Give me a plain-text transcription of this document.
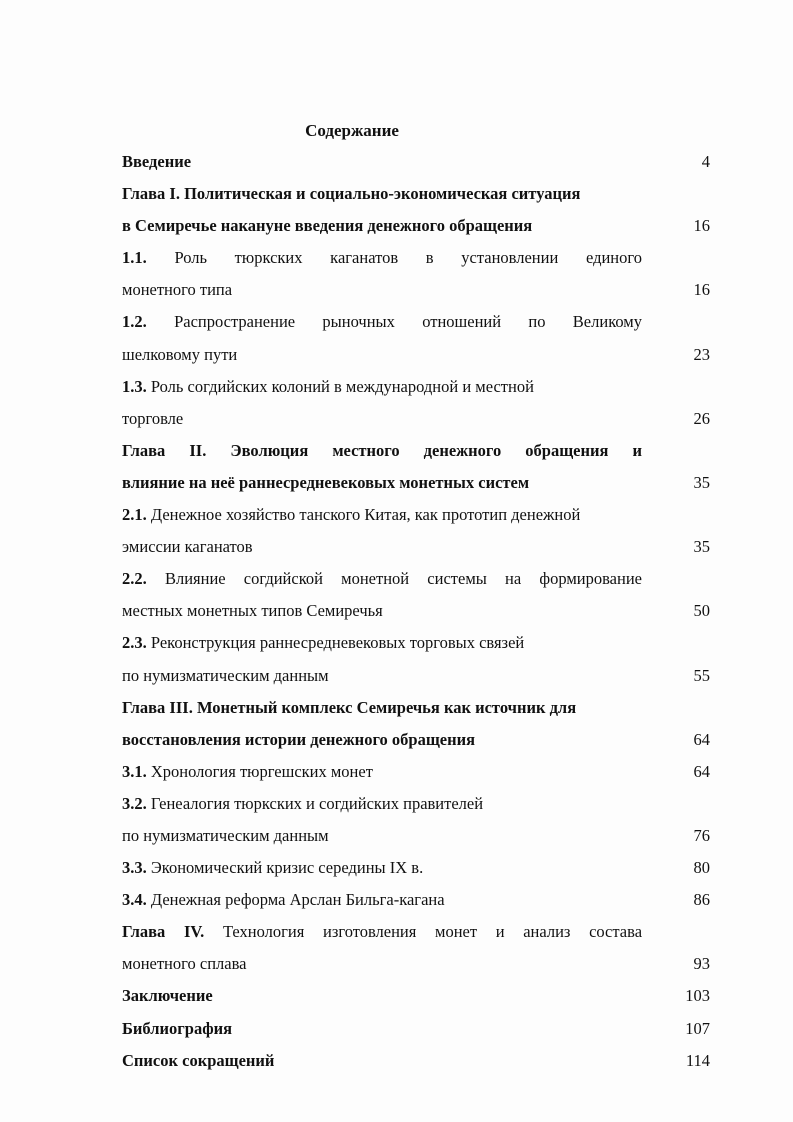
Содержание
Введение	4
Глава I. Политическая и социально-экономическая ситуация
в Семиречье накануне введения денежного обращения	16
1.1. Роль тюркских каганатов в установлении единого
монетного типа	16
1.2. Распространение рыночных отношений по Великому
шелковому пути	23
1.3. Роль согдийских колоний в международной и местной
торговле	26
Глава II. Эволюция местного денежного обращения и
влияние на неё раннесредневековых монетных систем	35
2.1. Денежное хозяйство танского Китая, как прототип денежной
эмиссии каганатов	35
2.2. Влияние согдийской монетной системы на формирование
местных монетных типов Семиречья	50
2.3. Реконструкция раннесредневековых торговых связей
по нумизматическим данным	55
Глава III. Монетный комплекс Семиречья как источник для
восстановления истории денежного обращения	64
3.1. Хронология тюргешских монет	64
3.2. Генеалогия тюркских и согдийских правителей
по нумизматическим данным	76
3.3. Экономический кризис середины IX в.	80
3.4. Денежная реформа Арслан Бильга-кагана	86
Глава IV. Технология изготовления монет и анализ состава
монетного сплава	93
Заключение	103
Библиография	107
Список сокращений	114
